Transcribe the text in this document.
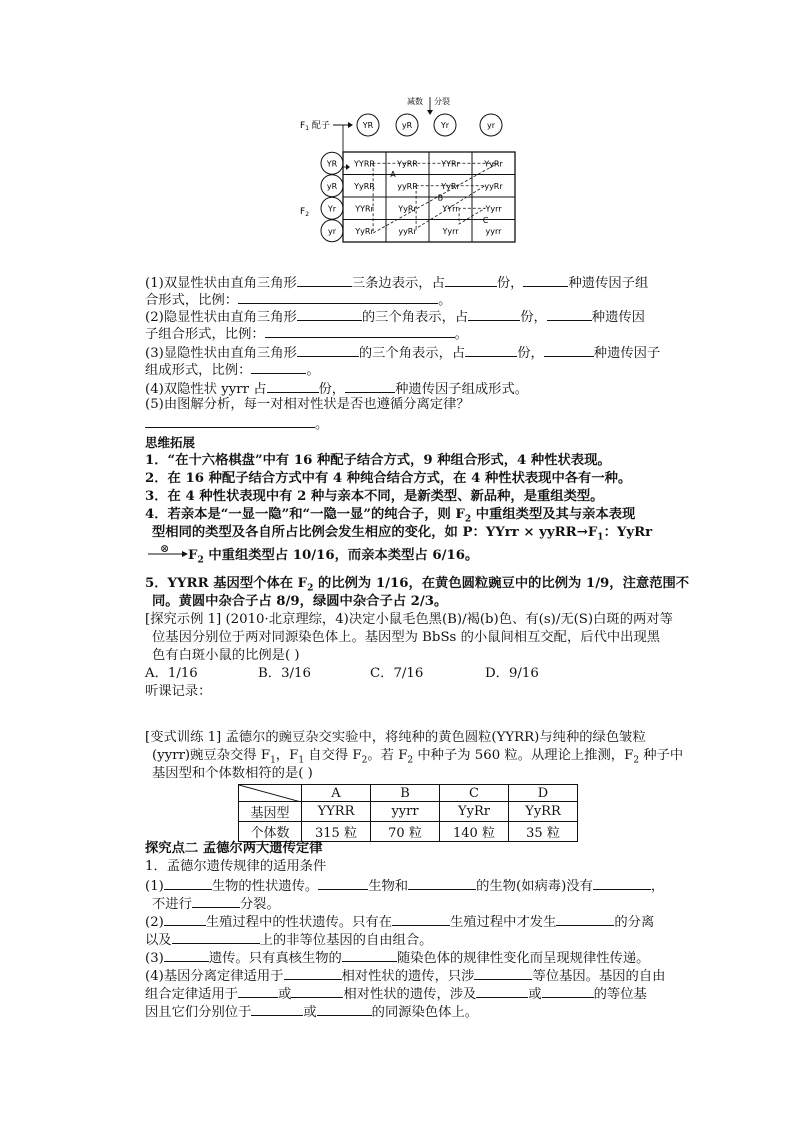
减数 分裂
$F_1$ 配子
$F_2$
YR	yR	Yr	yr
YR
yR
Yr
yr
YYRR	YyRR	YYRr	YyRr
YyRR	yyRR	YyRr	yyRr
YYRr	YyRr	YYrr	Yyrr
YyRr	yyRr	Yyrr	yyrr
A
B
C
(1)双显性状由直角三角形	三条边表示，占	份，	种遗传因子组
合形式，比例：	。
(2)隐显性状由直角三角形	的三个角表示，占	份，	种遗传因
子组合形式，比例：	。
(3)显隐性状由直角三角形	的三个角表示，占	份，	种遗传因子
组成形式，比例：	。
(4)双隐性状 yyrr 占	份，	种遗传因子组成形式。
(5)由图解分析，每一对相对性状是否也遵循分离定律？
。
思维拓展
1．“在十六格棋盘”中有 16 种配子结合方式，9 种组合形式，4 种性状表现。
2．在 16 种配子结合方式中有 4 种纯合结合方式，在 4 种性状表现中各有一种。
3．在 4 种性状表现中有 2 种与亲本不同，是新类型、新品种，是重组类型。
4．若亲本是“一显一隐”和“一隐一显”的纯合子，则 $F_2$ 中重组类型及其与亲本表现
型相同的类型及各自所占比例会发生相应的变化，如 P：YYrr × $yyRR\to F_1$：YyRr
⊗ $F_2$ 中重组类型占 10/16，而亲本类型占 6/16。
5．YYRR 基因型个体在 $F_2$ 的比例为 1/16，在黄色圆粒豌豆中的比例为 1/9，注意范围不
同。黄圆中杂合子占 8/9，绿圆中杂合子占 2/3。
[探究示例 1] (2010·北京理综，4)决定小鼠毛色黑(B)/褐(b)色、有(s)/无(S)白斑的两对等
位基因分别位于两对同源染色体上。基因型为 BbSs 的小鼠间相互交配，后代中出现黑
色有白斑小鼠的比例是( )
A．1/16	B．3/16	C．7/16	D．9/16
听课记录：
[变式训练 1] 孟德尔的豌豆杂交实验中，将纯种的黄色圆粒(YYRR)与纯种的绿色皱粒
(yyrr)豌豆杂交得 $F_1$，$F_1$ 自交得 $F_2$。若 $F_2$ 中种子为 560 粒。从理论上推测，$F_2$ 种子中
基因型和个体数相符的是( )
	A	B	C	D
基因型	YYRR	yyrr	YyRr	YyRR
个体数	315 粒	70 粒	140 粒	35 粒
探究点二 孟德尔两大遗传定律
1．孟德尔遗传规律的适用条件
(1)	生物的性状遗传。	生物和	的生物(如病毒)没有	，
不进行	分裂。
(2)	生殖过程中的性状遗传。只有在	生殖过程中才发生	的分离
以及	上的非等位基因的自由组合。
(3)	遗传。只有真核生物的	随染色体的规律性变化而呈现规律性传递。
(4)基因分离定律适用于	相对性状的遗传，只涉	等位基因。基因的自由
组合定律适用于	或	相对性状的遗传，涉及	或	的等位基
因且它们分别位于	或	的同源染色体上。
